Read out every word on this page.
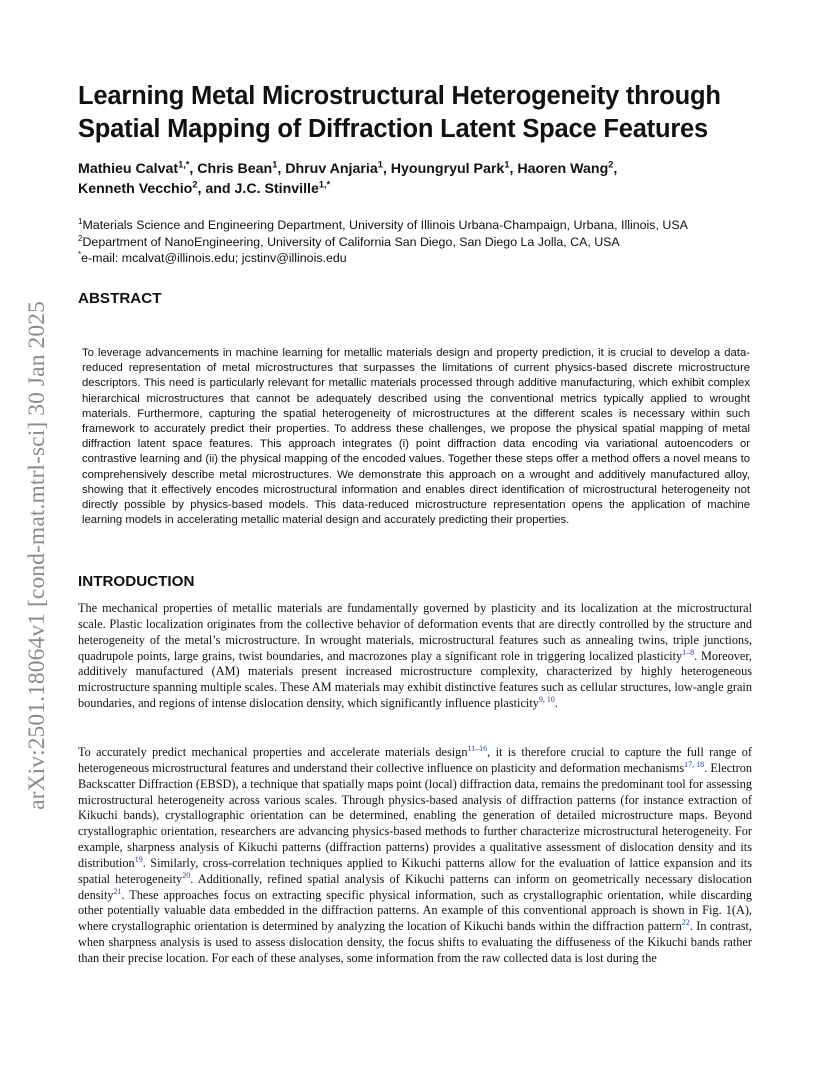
arXiv:2501.18064v1 [cond-mat.mtrl-sci] 30 Jan 2025
Learning Metal Microstructural Heterogeneity through
Spatial Mapping of Diffraction Latent Space Features
Mathieu Calvat$^{1,*}$, Chris Bean$^1$, Dhruv Anjaria$^1$, Hyoungryul Park$^1$, Haoren Wang$^2$,
Kenneth Vecchio$^2$, and J.C. Stinville$^{1,*}$
$^1$Materials Science and Engineering Department, University of Illinois Urbana-Champaign, Urbana, Illinois, USA
$^2$Department of NanoEngineering, University of California San Diego, San Diego La Jolla, CA, USA
*e-mail: mcalvat@illinois.edu; jcstinv@illinois.edu
ABSTRACT

To leverage advancements in machine learning for metallic materials design and property prediction, it is crucial to develop a data-reduced representation of metal microstructures that surpasses the limitations of current physics-based discrete microstructure descriptors. This need is particularly relevant for metallic materials processed through additive manufacturing, which exhibit complex hierarchical microstructures that cannot be adequately described using the conventional metrics typically applied to wrought materials. Furthermore, capturing the spatial heterogeneity of microstructures at the different scales is necessary within such framework to accurately predict their properties. To address these challenges, we propose the physical spatial mapping of metal diffraction latent space features. This approach integrates (i) point diffraction data encoding via variational autoencoders or contrastive learning and (ii) the physical mapping of the encoded values. Together these steps offer a method offers a novel means to comprehensively describe metal microstructures. We demonstrate this approach on a wrought and additively manufactured alloy, showing that it effectively encodes microstructural information and enables direct identification of microstructural heterogeneity not directly possible by physics-based models. This data-reduced microstructure representation opens the application of machine learning models in accelerating metallic material design and accurately predicting their properties.

INTRODUCTION

The mechanical properties of metallic materials are fundamentally governed by plasticity and its localization at the microstructural scale. Plastic localization originates from the collective behavior of deformation events that are directly controlled by the structure and heterogeneity of the metal’s microstructure. In wrought materials, microstructural features such as annealing twins, triple junctions, quadrupole points, large grains, twist boundaries, and macrozones play a significant role in triggering localized plasticity$^{1-8}$. Moreover, additively manufactured (AM) materials present increased microstructure complexity, characterized by highly heterogeneous microstructure spanning multiple scales. These AM materials may exhibit distinctive features such as cellular structures, low-angle grain boundaries, and regions of intense dislocation density, which significantly influence plasticity$^{9, 10}$.

To accurately predict mechanical properties and accelerate materials design$^{11-16}$, it is therefore crucial to capture the full range of heterogeneous microstructural features and understand their collective influence on plasticity and deformation mechanisms$^{17, 18}$. Electron Backscatter Diffraction (EBSD), a technique that spatially maps point (local) diffraction data, remains the predominant tool for assessing microstructural heterogeneity across various scales. Through physics-based analysis of diffraction patterns (for instance extraction of Kikuchi bands), crystallographic orientation can be determined, enabling the generation of detailed microstructure maps. Beyond crystallographic orientation, researchers are advancing physics-based methods to further characterize microstructural heterogeneity. For example, sharpness analysis of Kikuchi patterns (diffraction patterns) provides a qualitative assessment of dislocation density and its distribution$^{19}$. Similarly, cross-correlation techniques applied to Kikuchi patterns allow for the evaluation of lattice expansion and its spatial heterogeneity$^{20}$. Additionally, refined spatial analysis of Kikuchi patterns can inform on geometrically necessary dislocation density$^{21}$. These approaches focus on extracting specific physical information, such as crystallographic orientation, while discarding other potentially valuable data embedded in the diffraction patterns. An example of this conventional approach is shown in Fig. 1(A), where crystallographic orientation is determined by analyzing the location of Kikuchi bands within the diffraction pattern$^{22}$. In contrast, when sharpness analysis is used to assess dislocation density, the focus shifts to evaluating the diffuseness of the Kikuchi bands rather than their precise location. For each of these analyses, some information from the raw collected data is lost during the
